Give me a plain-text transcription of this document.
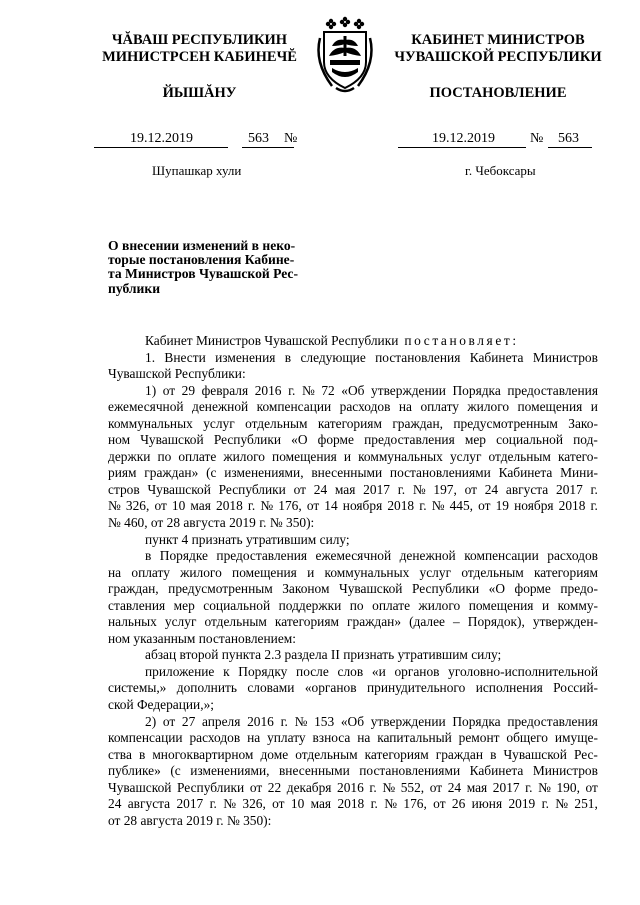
ЧĂВАШ РЕСПУБЛИКИН
МИНИСТРСЕН КАБИНЕЧĔ
ЙЫШĂНУ
КАБИНЕТ МИНИСТРОВ
ЧУВАШСКОЙ РЕСПУБЛИКИ
ПОСТАНОВЛЕНИЕ
19.12.2019	563 №	19.12.2019	№ 563
Шупашкар хули	г. Чебоксары
О внесении изменений в неко-
торые постановления Кабине-
та Министров Чувашской Рес-
публики
Кабинет Министров Чувашской Республики постановляет:
1. Внести изменения в следующие постановления Кабинета Министров
Чувашской Республики:
1) от 29 февраля 2016 г. № 72 «Об утверждении Порядка предоставления
ежемесячной денежной компенсации расходов на оплату жилого помещения и
коммунальных услуг отдельным категориям граждан, предусмотренным Зако-
ном Чувашской Республики «О форме предоставления мер социальной под-
держки по оплате жилого помещения и коммунальных услуг отдельным катего-
риям граждан» (с изменениями, внесенными постановлениями Кабинета Мини-
стров Чувашской Республики от 24 мая 2017 г. № 197, от 24 августа 2017 г.
№ 326, от 10 мая 2018 г. № 176, от 14 ноября 2018 г. № 445, от 19 ноября 2018 г.
№ 460, от 28 августа 2019 г. № 350):
пункт 4 признать утратившим силу;
в Порядке предоставления ежемесячной денежной компенсации расходов
на оплату жилого помещения и коммунальных услуг отдельным категориям
граждан, предусмотренным Законом Чувашской Республики «О форме предо-
ставления мер социальной поддержки по оплате жилого помещения и комму-
нальных услуг отдельным категориям граждан» (далее – Порядок), утвержден-
ном указанным постановлением:
абзац второй пункта 2.3 раздела II признать утратившим силу;
приложение к Порядку после слов «и органов уголовно-исполнительной
системы,» дополнить словами «органов принудительного исполнения Россий-
ской Федерации,»;
2) от 27 апреля 2016 г. № 153 «Об утверждении Порядка предоставления
компенсации расходов на уплату взноса на капитальный ремонт общего имуще-
ства в многоквартирном доме отдельным категориям граждан в Чувашской Рес-
публике» (с изменениями, внесенными постановлениями Кабинета Министров
Чувашской Республики от 22 декабря 2016 г. № 552, от 24 мая 2017 г. № 190, от
24 августа 2017 г. № 326, от 10 мая 2018 г. № 176, от 26 июня 2019 г. № 251,
от 28 августа 2019 г. № 350):
